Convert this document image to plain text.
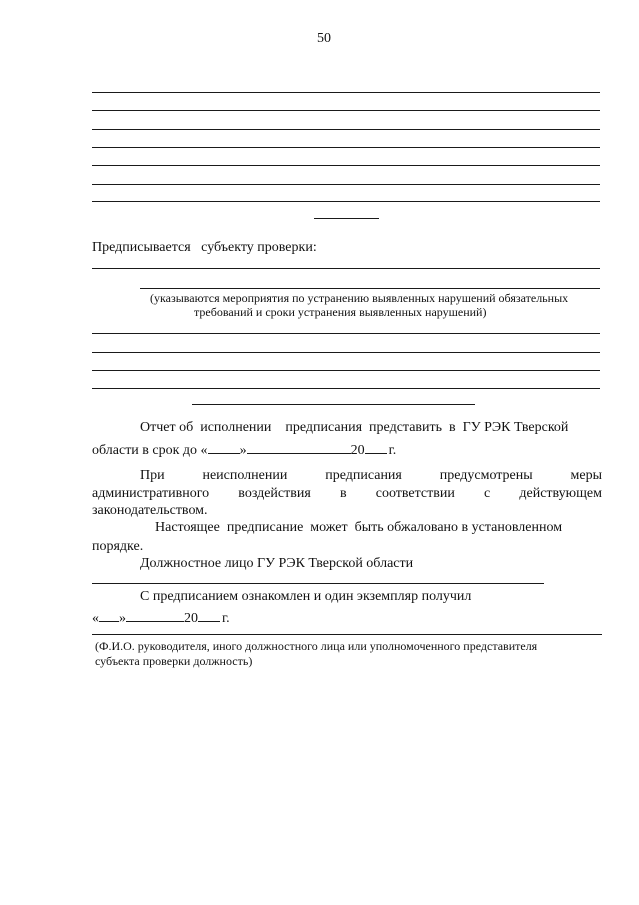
50
Предписывается   субъекту проверки:
(указываются мероприятия по устранению выявленных нарушений обязательных
требований и сроки устранения выявленных нарушений)
Отчет об  исполнении    предписания  представить  в  ГУ РЭК Тверской
области в срок до « »	20 г.
При неисполнении предписания предусмотрены меры
административного воздействия в соответствии с действующем
законодательством.
Настоящее  предписание  может  быть обжаловано в установленном
порядке.
Должностное лицо ГУ РЭК Тверской области
С предписанием ознакомлен и один экземпляр получил
« »	20 г.
(Ф.И.О. руководителя, иного должностного лица или уполномоченного представителя
субъекта проверки должность)
